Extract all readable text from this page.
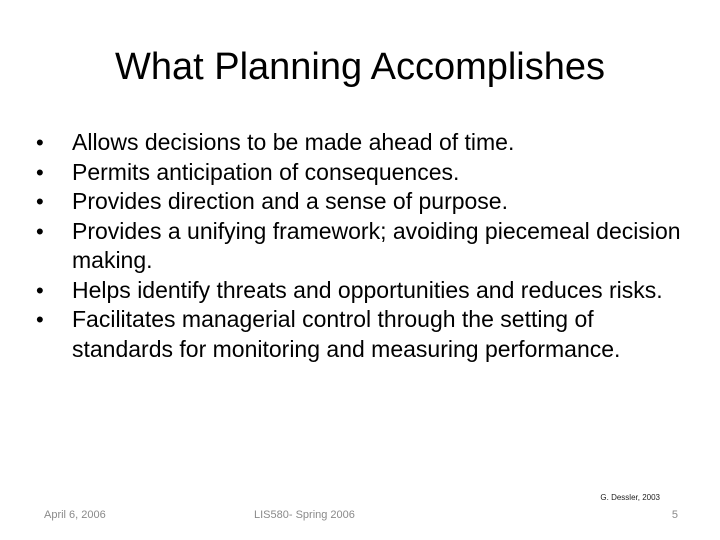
What Planning Accomplishes
•	Allows decisions to be made ahead of time.
•	Permits anticipation of consequences.
•	Provides direction and a sense of purpose.
•	Provides a unifying framework; avoiding piecemeal decision making.
•	Helps identify threats and opportunities and reduces risks.
•	Facilitates managerial control through the setting of standards for monitoring and measuring performance.
G. Dessler, 2003
April 6, 2006	LIS580- Spring 2006	5
